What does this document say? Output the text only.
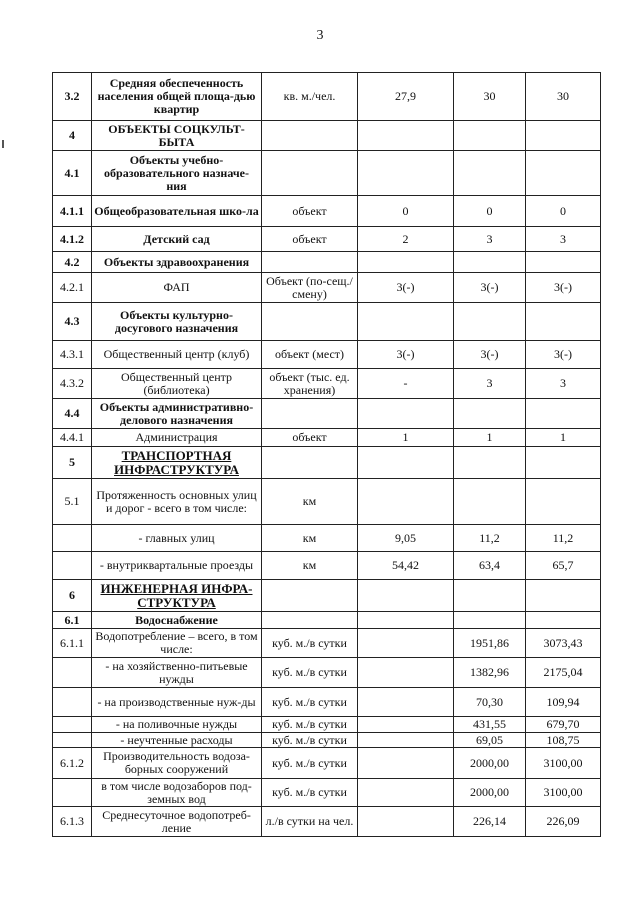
3
3.2	Средняя обеспеченность населения общей площа-дью квартир	кв. м./чел.	27,9	30	30
4	ОБЪЕКТЫ СОЦКУЛЬТ-БЫТА				
4.1	Объекты учебно-образовательного назначе-ния				
4.1.1	Общеобразовательная шко-ла	объект	0	0	0
4.1.2	Детский сад	объект	2	3	3
4.2	Объекты здравоохранения				
4.2.1	ФАП	Объект (по-сещ./смену)	3(-)	3(-)	3(-)
4.3	Объекты культурно-досугового назначения				
4.3.1	Общественный центр (клуб)	объект (мест)	3(-)	3(-)	3(-)
4.3.2	Общественный центр (библиотека)	объект (тыс. ед. хранения)	-	3	3
4.4	Объекты административно-делового назначения				
4.4.1	Администрация	объект	1	1	1
5	ТРАНСПОРТНАЯ ИНФРАСТРУКТУРА				
5.1	Протяженность основных улиц и дорог - всего в том числе:	км			
	- главных улиц	км	9,05	11,2	11,2
	- внутриквартальные проезды	км	54,42	63,4	65,7
6	ИНЖЕНЕРНАЯ ИНФРА-СТРУКТУРА				
6.1	Водоснабжение				
6.1.1	Водопотребление – всего, в том числе:	куб. м./в сутки		1951,86	3073,43
	- на хозяйственно-питьевые нужды	куб. м./в сутки		1382,96	2175,04
	- на производственные нуж-ды	куб. м./в сутки		70,30	109,94
	- на поливочные нужды	куб. м./в сутки		431,55	679,70
	- неучтенные расходы	куб. м./в сутки		69,05	108,75
6.1.2	Производительность водоза-борных сооружений	куб. м./в сутки		2000,00	3100,00
	в том числе водозаборов под-земных вод	куб. м./в сутки		2000,00	3100,00
6.1.3	Среднесуточное водопотреб-ление	л./в сутки на чел.		226,14	226,09
